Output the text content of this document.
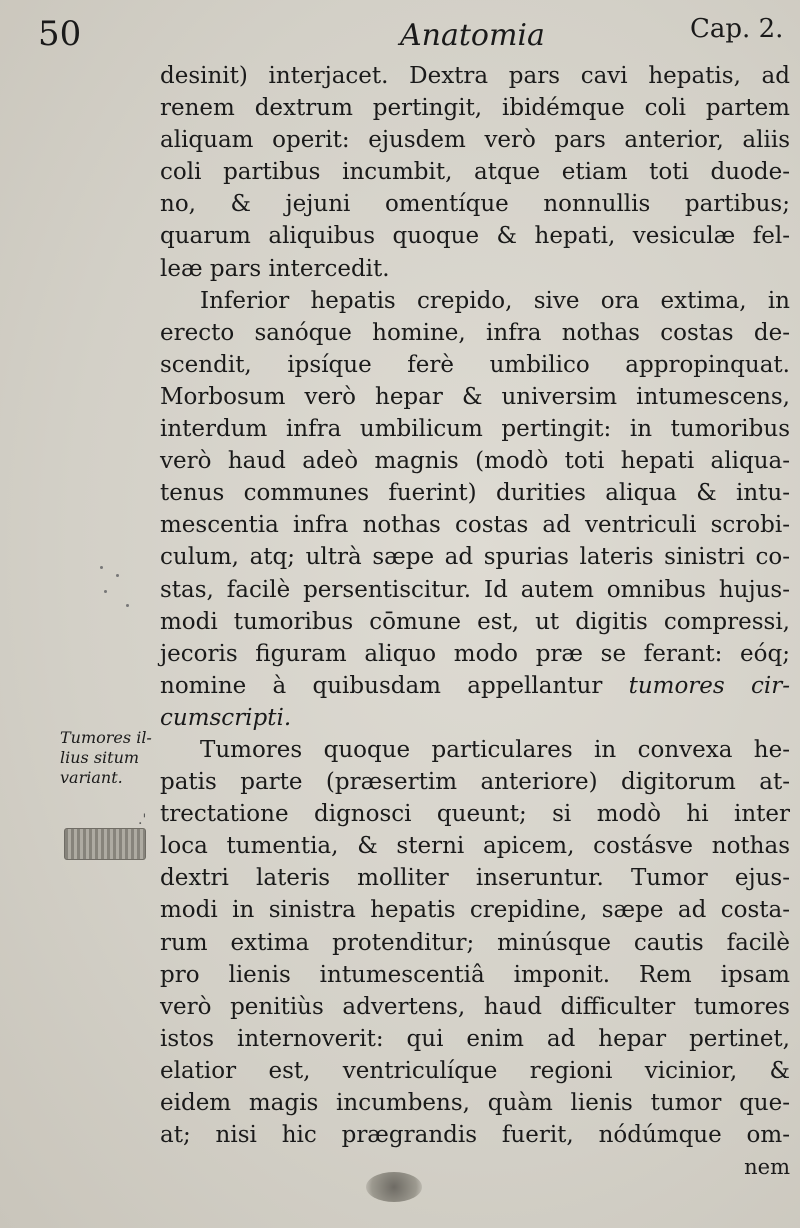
50	Anatomia	Cap. 2.
desinit) interjacet. Dextra pars cavi hepatis, ad
renem dextrum pertingit, ibidémque coli partem
aliquam operit: ejusdem verò pars anterior, aliis
coli partibus incumbit, atque etiam toti duode-
no, & jejuni omentíque nonnullis partibus;
quarum aliquibus quoque & hepati, vesiculæ fel-
leæ pars intercedit.
Inferior hepatis crepido, sive ora extima, in
erecto sanóque homine, infra nothas costas de-
scendit, ipsíque ferè umbilico appropinquat.
Morbosum verò hepar & universim intumescens,
interdum infra umbilicum pertingit: in tumoribus
verò haud adeò magnis (modò toti hepati aliqua-
tenus communes fuerint) durities aliqua & intu-
mescentia infra nothas costas ad ventriculi scrobi-
culum, atq; ultrà sæpe ad spurias lateris sinistri co-
stas, facilè persentiscitur. Id autem omnibus hujus-
modi tumoribus cōmune est, ut digitis compressi,
jecoris figuram aliquo modo præ se ferant: eóq;
nomine à quibusdam appellantur tumores cir-
cumscripti.
Tumores quoque particulares in convexa he-
patis parte (præsertim anteriore) digitorum at-
trectatione dignosci queunt; si modò hi inter
loca tumentia, & sterni apicem, costásve nothas
dextri lateris molliter inseruntur. Tumor ejus-
modi in sinistra hepatis crepidine, sæpe ad costa-
rum extima protenditur; minúsque cautis facilè
pro lienis intumescentiâ imponit. Rem ipsam
verò penitiùs advertens, haud difficulter tumores
istos internoverit: qui enim ad hepar pertinet,
elatior est, ventriculíque regioni vicinior, &
eidem magis incumbens, quàm lienis tumor que-
at; nisi hic prægrandis fuerit, nódúmque om-
nem
Tumores il-
lius situm
variant.
.ꞌ
